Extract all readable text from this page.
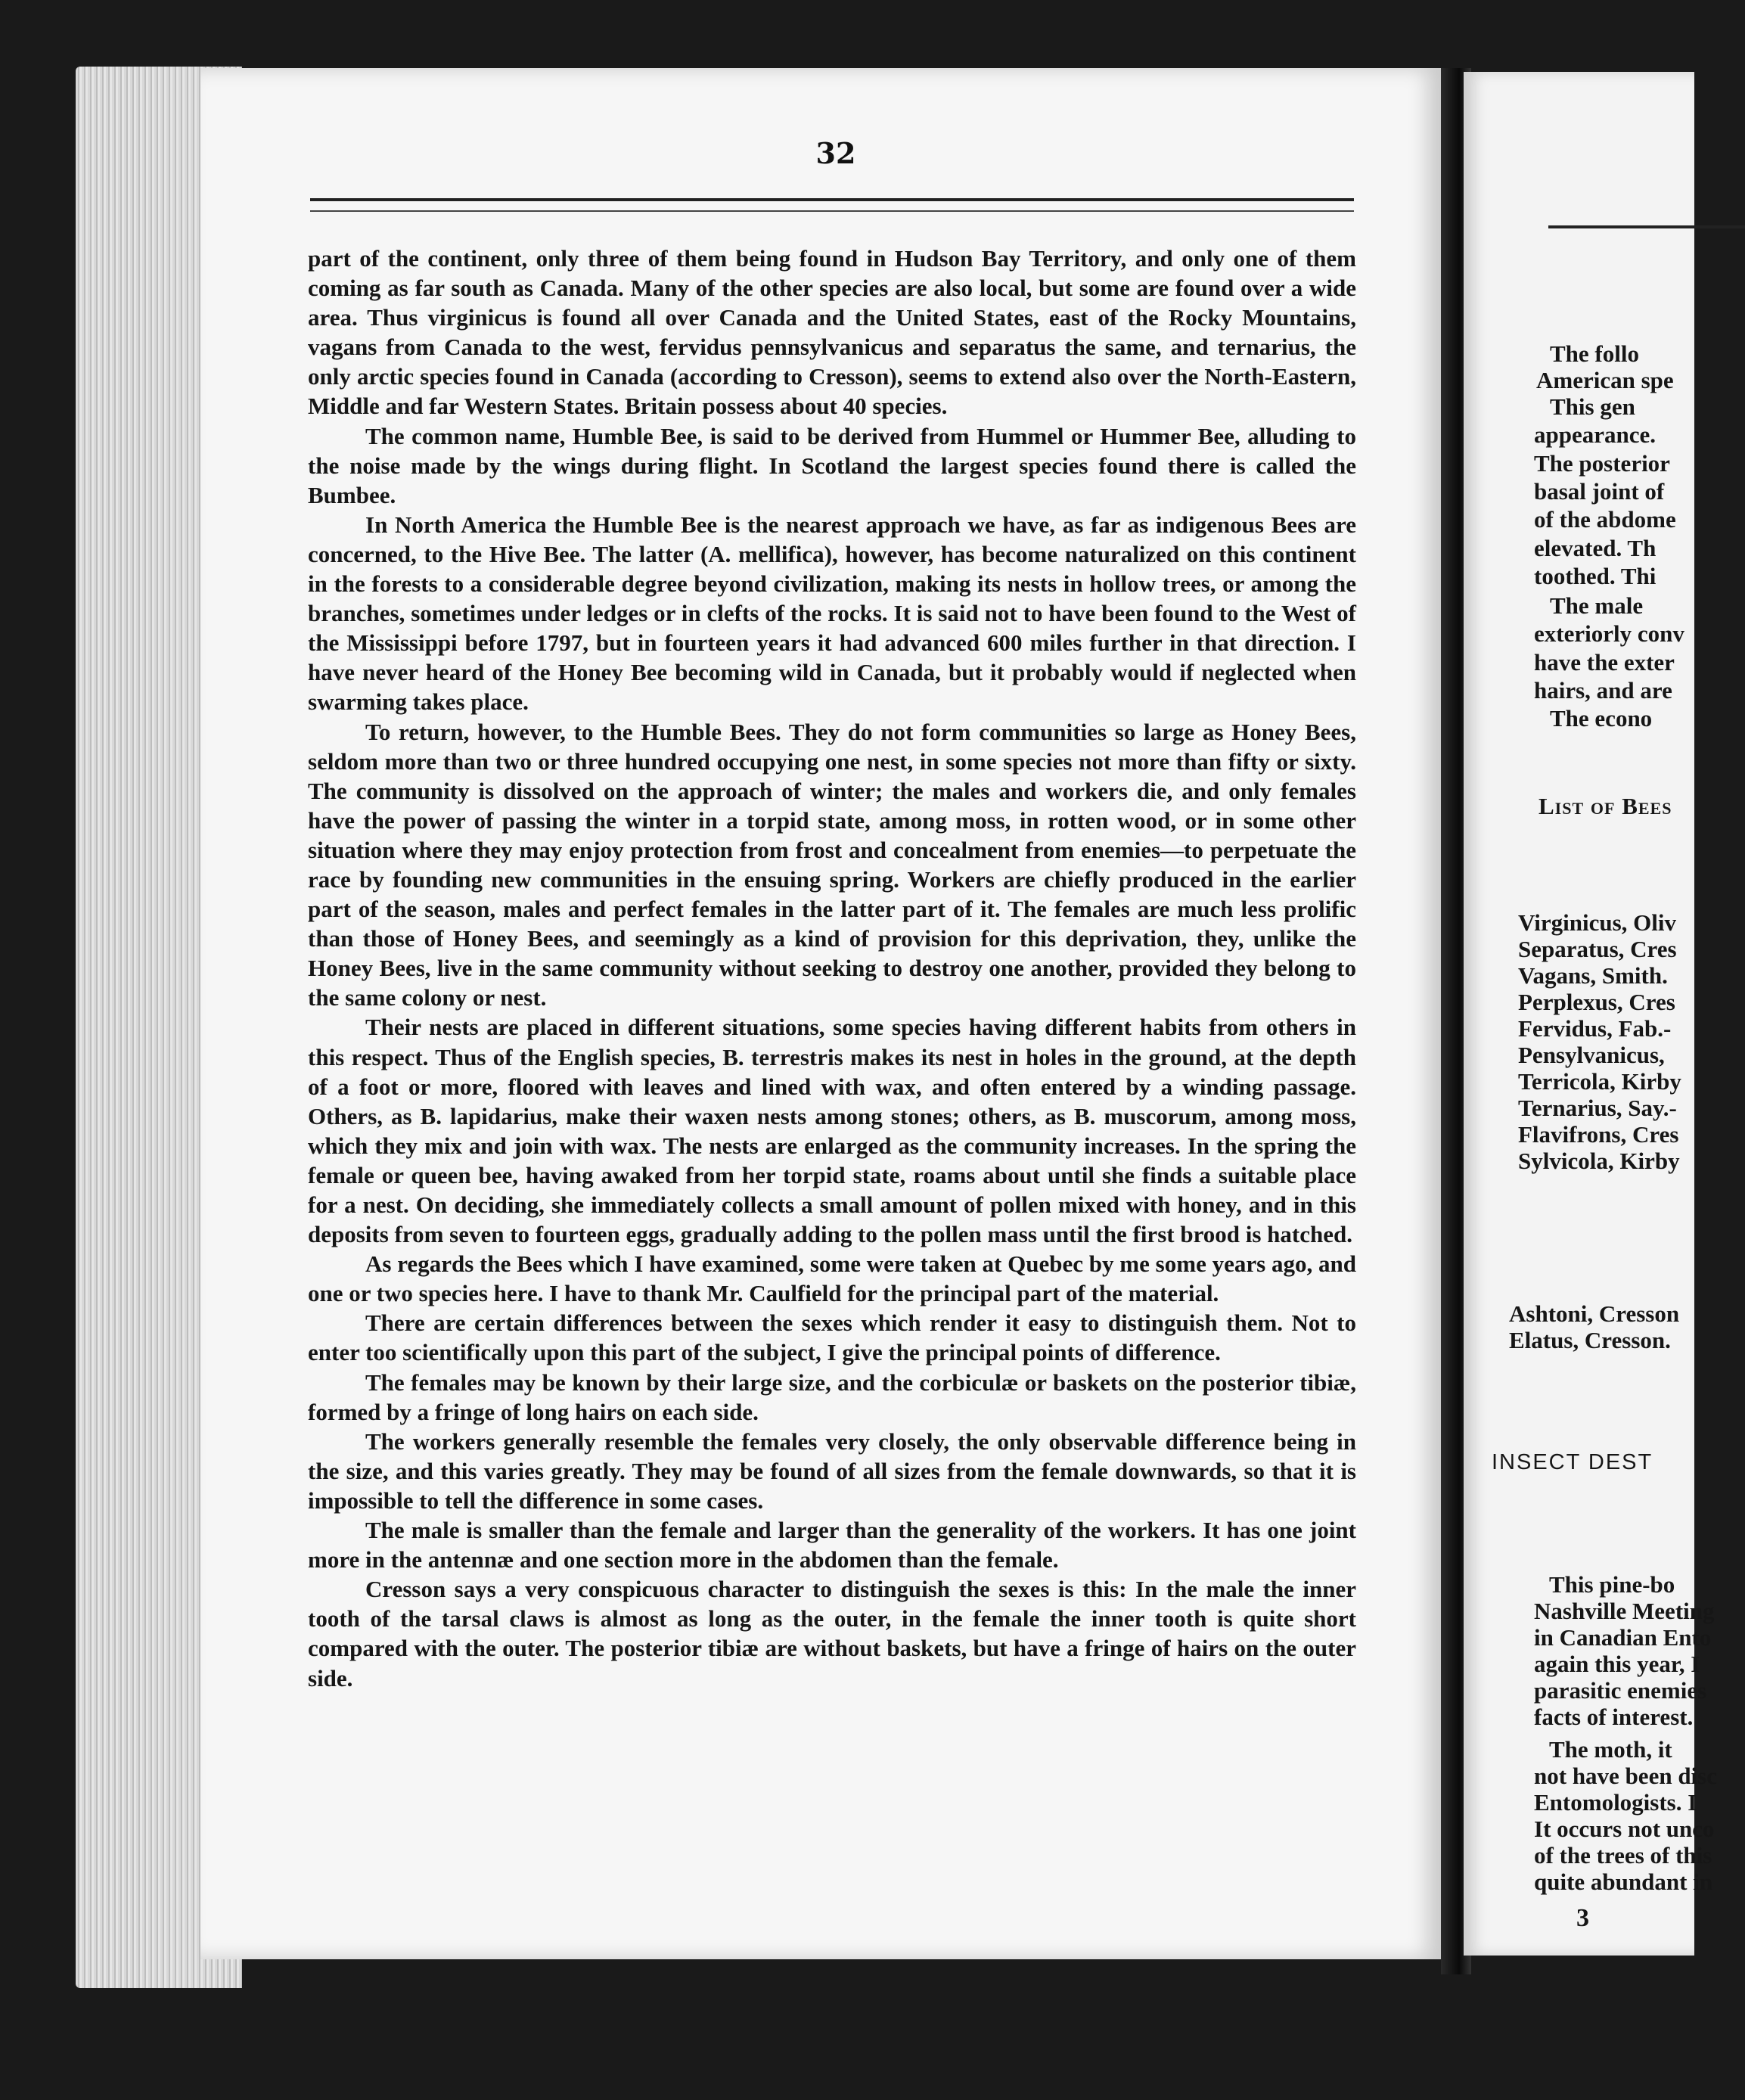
32

part of the continent, only three of them being found in Hudson Bay Territory, and only one of them coming as far south as Canada. Many of the other species are also local, but some are found over a wide area. Thus virginicus is found all over Canada and the United States, east of the Rocky Mountains, vagans from Canada to the west, fervidus pennsylvanicus and separatus the same, and ternarius, the only arctic species found in Canada (according to Cresson), seems to extend also over the North-Eastern, Middle and far Western States. Britain possess about 40 species.

The common name, Humble Bee, is said to be derived from Hummel or Hummer Bee, alluding to the noise made by the wings during flight. In Scotland the largest species found there is called the Bumbee.

In North America the Humble Bee is the nearest approach we have, as far as indigenous Bees are concerned, to the Hive Bee. The latter (A. mellifica), however, has become naturalized on this continent in the forests to a considerable degree beyond civilization, making its nests in hollow trees, or among the branches, sometimes under ledges or in clefts of the rocks. It is said not to have been found to the West of the Mississippi before 1797, but in fourteen years it had advanced 600 miles further in that direction. I have never heard of the Honey Bee becoming wild in Canada, but it probably would if neglected when swarming takes place.

To return, however, to the Humble Bees. They do not form communities so large as Honey Bees, seldom more than two or three hundred occupying one nest, in some species not more than fifty or sixty. The community is dissolved on the approach of winter; the males and workers die, and only females have the power of passing the winter in a torpid state, among moss, in rotten wood, or in some other situation where they may enjoy protection from frost and concealment from enemies—to perpetuate the race by founding new communities in the ensuing spring. Workers are chiefly produced in the earlier part of the season, males and perfect females in the latter part of it. The females are much less prolific than those of Honey Bees, and seemingly as a kind of provision for this deprivation, they, unlike the Honey Bees, live in the same community without seeking to destroy one another, provided they belong to the same colony or nest.

Their nests are placed in different situations, some species having different habits from others in this respect. Thus of the English species, B. terrestris makes its nest in holes in the ground, at the depth of a foot or more, floored with leaves and lined with wax, and often entered by a winding passage. Others, as B. lapidarius, make their waxen nests among stones; others, as B. muscorum, among moss, which they mix and join with wax. The nests are enlarged as the community increases. In the spring the female or queen bee, having awaked from her torpid state, roams about until she finds a suitable place for a nest. On deciding, she immediately collects a small amount of pollen mixed with honey, and in this deposits from seven to fourteen eggs, gradually adding to the pollen mass until the first brood is hatched.

As regards the Bees which I have examined, some were taken at Quebec by me some years ago, and one or two species here. I have to thank Mr. Caulfield for the principal part of the material.

There are certain differences between the sexes which render it easy to distinguish them. Not to enter too scientifically upon this part of the subject, I give the principal points of difference.

The females may be known by their large size, and the corbiculæ or baskets on the posterior tibiæ, formed by a fringe of long hairs on each side.

The workers generally resemble the females very closely, the only observable difference being in the size, and this varies greatly. They may be found of all sizes from the female downwards, so that it is impossible to tell the difference in some cases.

The male is smaller than the female and larger than the generality of the workers. It has one joint more in the antennæ and one section more in the abdomen than the female.

Cresson says a very conspicuous character to distinguish the sexes is this: In the male the inner tooth of the tarsal claws is almost as long as the outer, in the female the inner tooth is quite short compared with the outer. The posterior tibiæ are without baskets, but have a fringe of hairs on the outer side.

The follo
American spe
This gen
appearance.
The posterior
basal joint of
of the abdome
elevated. Th
toothed. Thi
The male
exteriorly conv
have the exter
hairs, and are
The econo
List of Bees
Virginicus, Oliv
Separatus, Cres
Vagans, Smith.
Perplexus, Cres
Fervidus, Fab.-
Pensylvanicus,
Terricola, Kirby
Ternarius, Say.-
Flavifrons, Cres
Sylvicola, Kirby
Ashtoni, Cresson
Elatus, Cresson.
INSECT DEST
This pine-bo
Nashville Meeting
in Canadian Ento
again this year, I
parasitic enemies
facts of interest.
The moth, it
not have been disc
Entomologists. I
It occurs not unco
of the trees of this
quite abundant in
3
